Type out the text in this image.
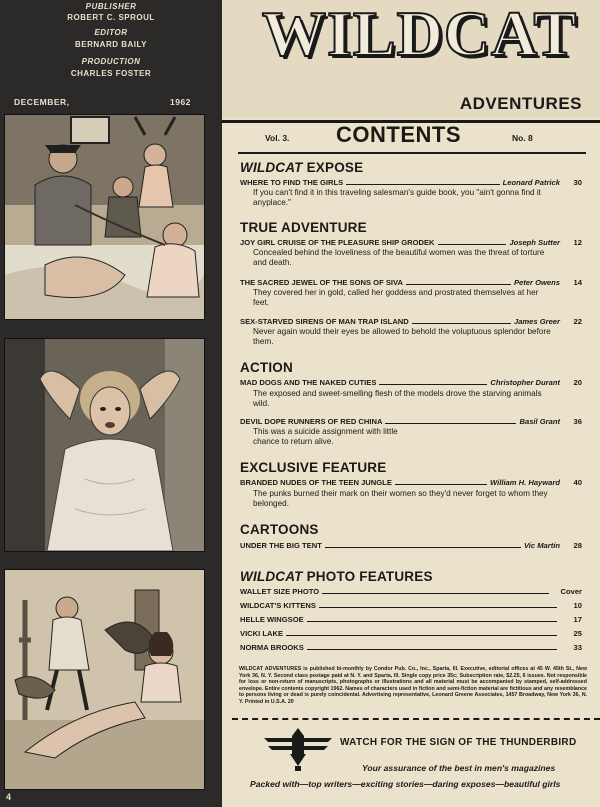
PUBLISHER
ROBERT C. SPROUL
EDITOR
BERNARD BAILY
PRODUCTION
CHARLES FOSTER
DECEMBER,	1962
4
WILDCAT
ADVENTURES
Vol. 3. CONTENTS	No. 8
WILDCAT EXPOSE
WHERE TO FIND THE GIRLS	Leonard Patrick	30
If you can't find it in this traveling salesman's guide book, you "ain't gonna find it anyplace."
TRUE ADVENTURE
JOY GIRL CRUISE OF THE PLEASURE SHIP GRODEK	Joseph Sutter	12
Concealed behind the loveliness of the beautiful women was the threat of torture and death.
THE SACRED JEWEL OF THE SONS OF SIVA	Peter Owens	14
They covered her in gold, called her goddess and prostrated themselves at her feet.
SEX-STARVED SIRENS OF MAN TRAP ISLAND	James Greer	22
Never again would their eyes be allowed to behold the voluptuous splendor before them.
ACTION
MAD DOGS AND THE NAKED CUTIES	Christopher Durant	20
The exposed and sweet-smelling flesh of the models drove the starving animals wild.
DEVIL DOPE RUNNERS OF RED CHINA	Basil Grant	36
This was a suicide assignment with little chance to return alive.
EXCLUSIVE FEATURE
BRANDED NUDES OF THE TEEN JUNGLE	William H. Hayward	40
The punks burned their mark on their women so they'd never forget to whom they belonged.
CARTOONS
UNDER THE BIG TENT	Vic Martin	28
WILDCAT PHOTO FEATURES
WALLET SIZE PHOTO	Cover
WILDCAT'S KITTENS	10
HELLE WINGSOE	17
VICKI LAKE	25
NORMA BROOKS	33
WILDCAT ADVENTURES is published bi-monthly by Condor Pub. Co., Inc., Sparta, Ill. Executive, editorial offices at 45 W. 45th St., New York 36, N. Y. Second class postage paid at N. Y. and Sparta, Ill. Single copy price 35c; Subscription rate, $2.25, 6 issues. Not responsible for loss or non-return of manuscripts, photographs or illustrations and all material must be accompanied by stamped, self-addressed envelope. Entire contents copyright 1962. Names of characters used in fiction and semi-fiction material are fictitious and any resemblance to persons living or dead is purely coincidental. Advertising representative, Leonard Greene Associates, 1457 Broadway, New York 36, N. Y. Printed in U.S.A. 20
WATCH FOR THE SIGN OF THE THUNDERBIRD
Your assurance of the best in men's magazines
Packed with—top writers—exciting stories—daring exposes—beautiful girls
